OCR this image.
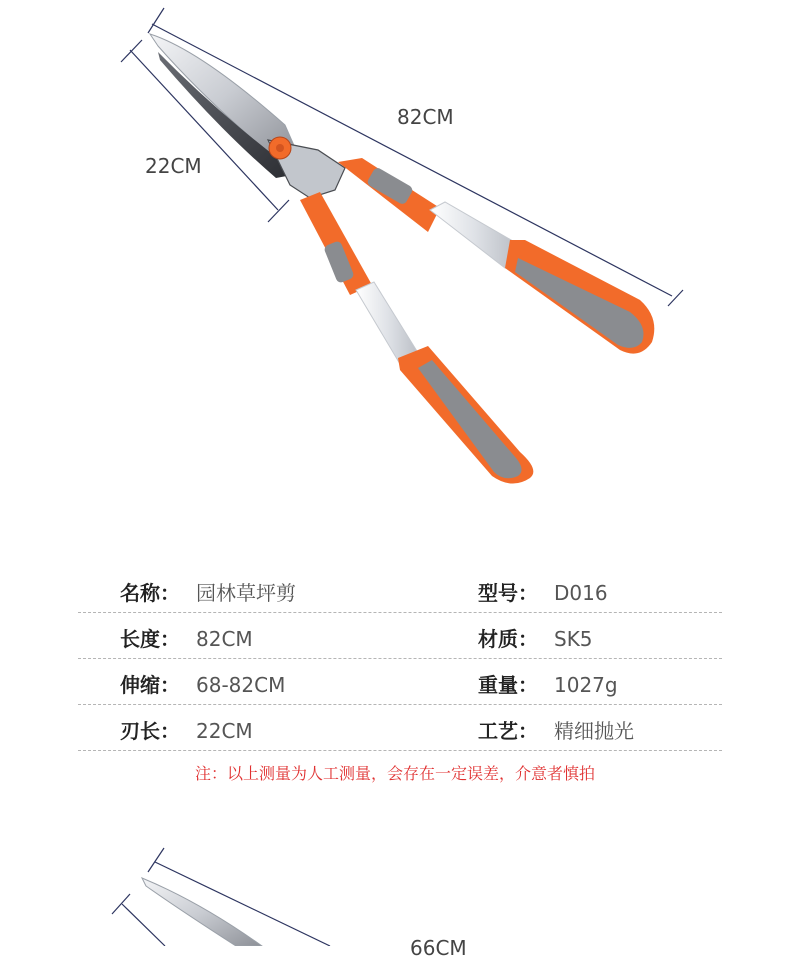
82CM
22CM
名称： 园林草坪剪	型号： D016
长度： 82CM	材质： SK5
伸缩： 68-82CM	重量： 1027g
刃长： 22CM	工艺： 精细抛光
注：以上测量为人工测量，会存在一定误差，介意者慎拍
66CM
